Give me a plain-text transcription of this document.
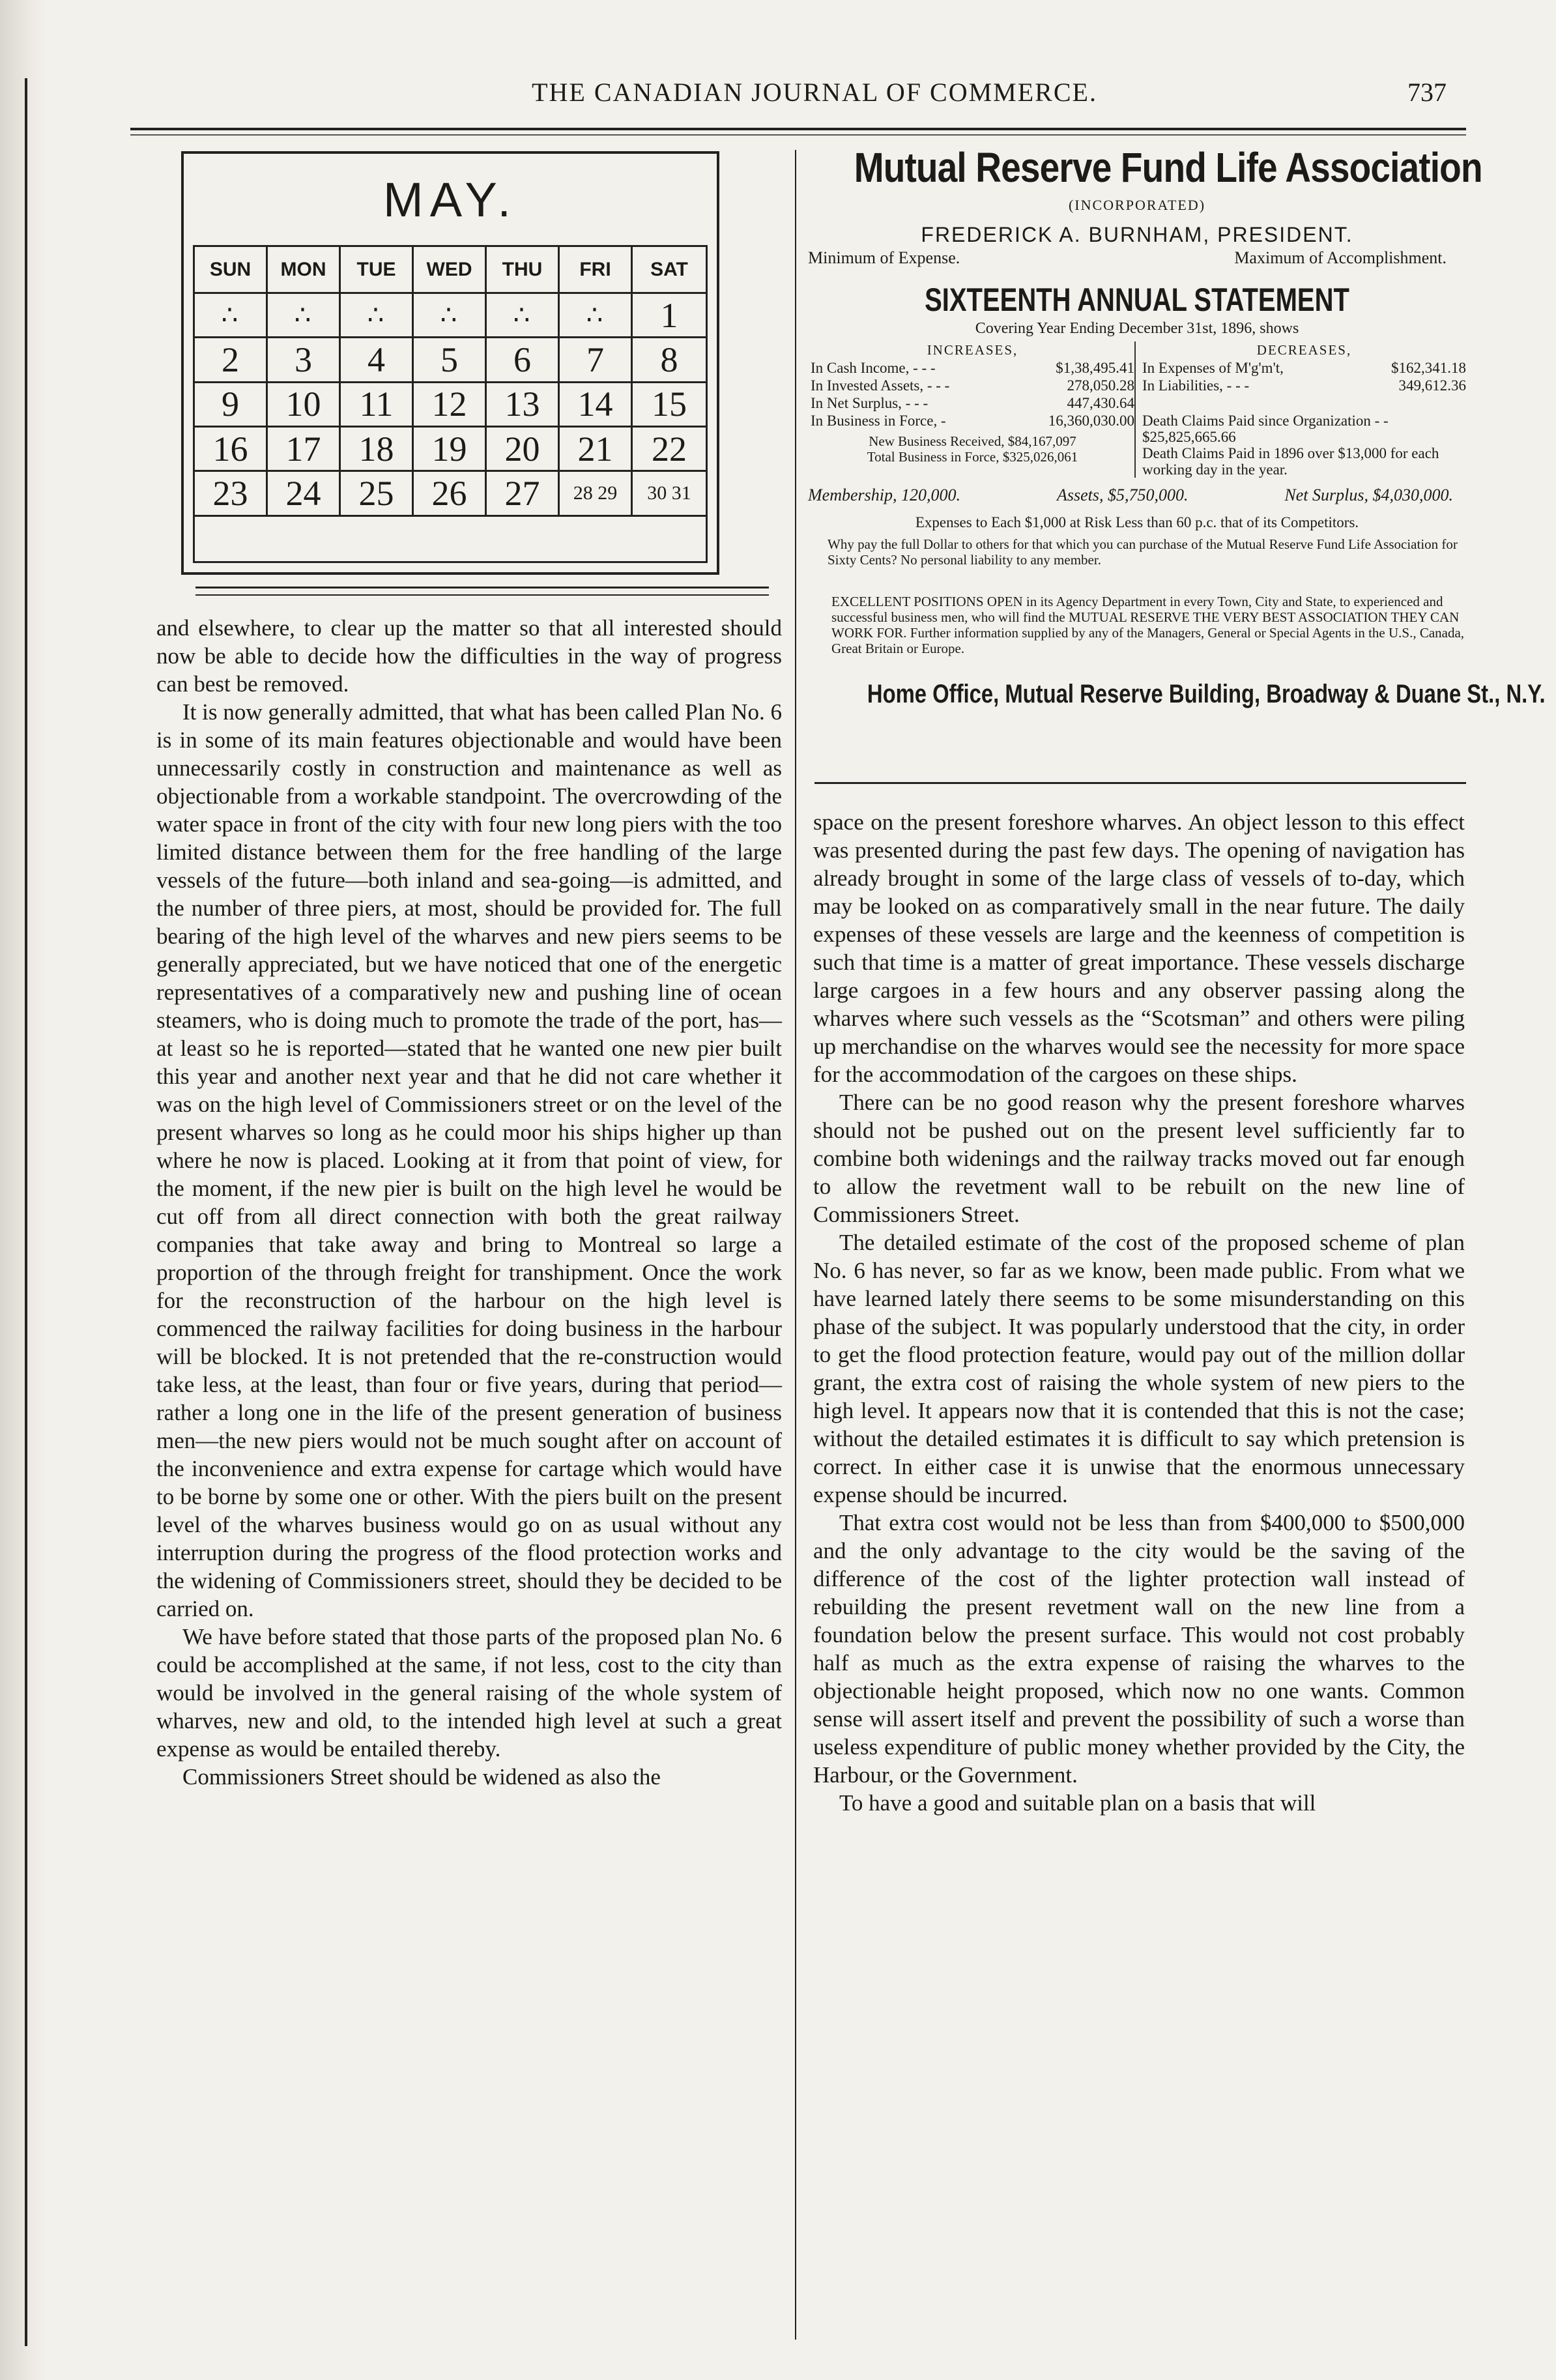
THE CANADIAN JOURNAL OF COMMERCE.	737
MAY.
SUN	MON	TUE	WED	THU	FRI	SAT
∴	∴	∴	∴	∴	∴	1
2	3	4	5	6	7	8
9	10	11	12	13	14	15
16	17	18	19	20	21	22
23	24	25	26	27	28 29	30 31
Mutual Reserve Fund Life Association
(INCORPORATED)
FREDERICK A. BURNHAM, PRESIDENT.
Minimum of Expense.	Maximum of Accomplishment.
SIXTEENTH ANNUAL STATEMENT
Covering Year Ending December 31st, 1896, shows
INCREASES,
In Cash Income, - - -	$1,38,495.41
In Invested Assets, - - -	278,050.28
In Net Surplus, - - -	447,430.64
In Business in Force, -	16,360,030.00
New Business Received, $84,167,097
Total Business in Force, $325,026,061
DECREASES,
In Expenses of M'g'm't,	$162,341.18
In Liabilities, - - -	349,612.36
Death Claims Paid since Organization - - $25,825,665.66
Death Claims Paid in 1896 over $13,000 for each working day in the year.
Membership, 120,000.	Assets, $5,750,000.	Net Surplus, $4,030,000.
Expenses to Each $1,000 at Risk Less than 60 p.c. that of its Competitors.
Why pay the full Dollar to others for that which you can purchase of the Mutual Reserve Fund Life Association for Sixty Cents? No personal liability to any member.
EXCELLENT POSITIONS OPEN in its Agency Department in every Town, City and State, to experienced and successful business men, who will find the MUTUAL RESERVE THE VERY BEST ASSOCIATION THEY CAN WORK FOR. Further information supplied by any of the Managers, General or Special Agents in the U.S., Canada, Great Britain or Europe.
Home Office, Mutual Reserve Building, Broadway & Duane St., N.Y.

and elsewhere, to clear up the matter so that all interested should now be able to decide how the difficulties in the way of progress can best be removed.

It is now generally admitted, that what has been called Plan No. 6 is in some of its main features objectionable and would have been unnecessarily costly in construction and maintenance as well as objectionable from a workable standpoint. The overcrowding of the water space in front of the city with four new long piers with the too limited distance between them for the free handling of the large vessels of the future—both inland and sea-going—is admitted, and the number of three piers, at most, should be provided for. The full bearing of the high level of the wharves and new piers seems to be generally appreciated, but we have noticed that one of the energetic representatives of a comparatively new and pushing line of ocean steamers, who is doing much to promote the trade of the port, has—at least so he is reported—stated that he wanted one new pier built this year and another next year and that he did not care whether it was on the high level of Commissioners street or on the level of the present wharves so long as he could moor his ships higher up than where he now is placed. Looking at it from that point of view, for the moment, if the new pier is built on the high level he would be cut off from all direct connection with both the great railway companies that take away and bring to Montreal so large a proportion of the through freight for transhipment. Once the work for the reconstruction of the harbour on the high level is commenced the railway facilities for doing business in the harbour will be blocked. It is not pretended that the re-construction would take less, at the least, than four or five years, during that period—rather a long one in the life of the present generation of business men—the new piers would not be much sought after on account of the inconvenience and extra expense for cartage which would have to be borne by some one or other. With the piers built on the present level of the wharves business would go on as usual without any interruption during the progress of the flood protection works and the widening of Commissioners street, should they be decided to be carried on.

We have before stated that those parts of the proposed plan No. 6 could be accomplished at the same, if not less, cost to the city than would be involved in the general raising of the whole system of wharves, new and old, to the intended high level at such a great expense as would be entailed thereby.

Commissioners Street should be widened as also the

space on the present foreshore wharves. An object lesson to this effect was presented during the past few days. The opening of navigation has already brought in some of the large class of vessels of to-day, which may be looked on as comparatively small in the near future. The daily expenses of these vessels are large and the keenness of competition is such that time is a matter of great importance. These vessels discharge large cargoes in a few hours and any observer passing along the wharves where such vessels as the “Scotsman” and others were piling up merchandise on the wharves would see the necessity for more space for the accommodation of the cargoes on these ships.

There can be no good reason why the present foreshore wharves should not be pushed out on the present level sufficiently far to combine both widenings and the railway tracks moved out far enough to allow the revetment wall to be rebuilt on the new line of Commissioners Street.

The detailed estimate of the cost of the proposed scheme of plan No. 6 has never, so far as we know, been made public. From what we have learned lately there seems to be some misunderstanding on this phase of the subject. It was popularly understood that the city, in order to get the flood protection feature, would pay out of the million dollar grant, the extra cost of raising the whole system of new piers to the high level. It appears now that it is contended that this is not the case; without the detailed estimates it is difficult to say which pretension is correct. In either case it is unwise that the enormous unnecessary expense should be incurred.

That extra cost would not be less than from $400,000 to $500,000 and the only advantage to the city would be the saving of the difference of the cost of the lighter protection wall instead of rebuilding the present revetment wall on the new line from a foundation below the present surface. This would not cost probably half as much as the extra expense of raising the wharves to the objectionable height proposed, which now no one wants. Common sense will assert itself and prevent the possibility of such a worse than useless expenditure of public money whether provided by the City, the Harbour, or the Government.

To have a good and suitable plan on a basis that will
